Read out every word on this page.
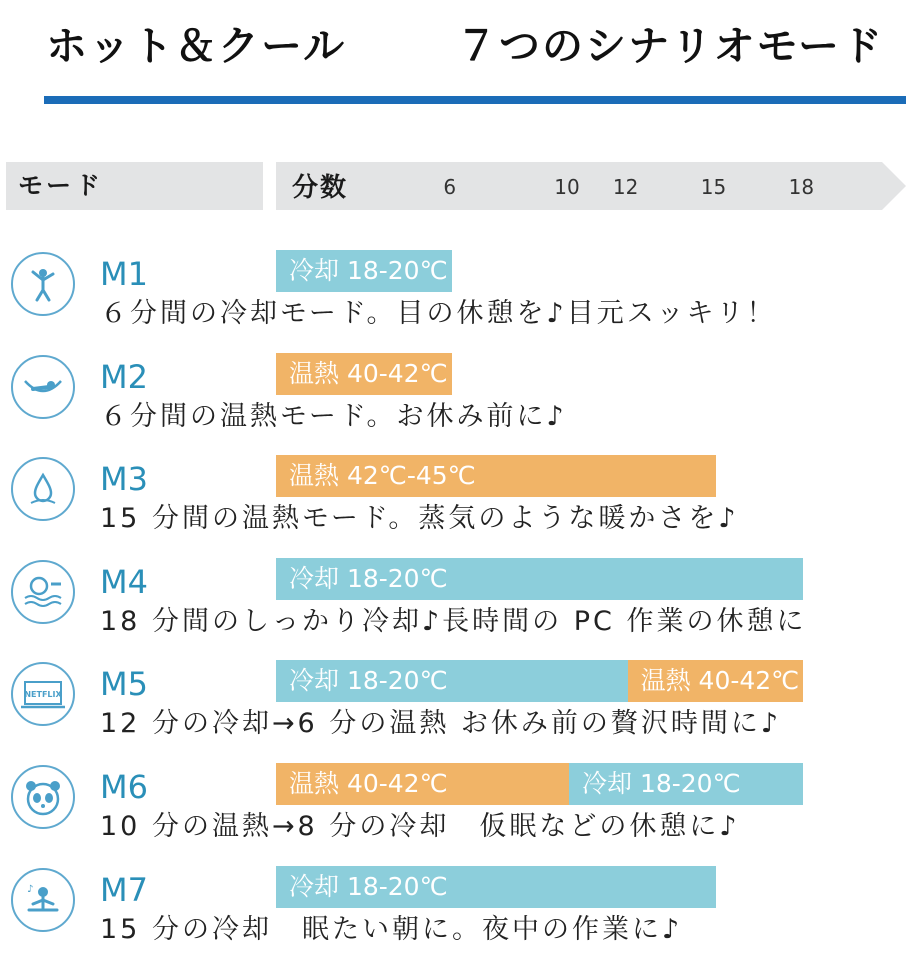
ホット＆クール	７つのシナリオモード
モード	分数	6	10 12	15	18
M1	冷却 18-20℃
６分間の冷却モード。目の休憩を♪目元スッキリ！
M2	温熱 40-42℃
６分間の温熱モード。お休み前に♪
M3	温熱 42℃-45℃
15 分間の温熱モード。蒸気のような暖かさを♪
M4	冷却 18-20℃
18 分間のしっかり冷却♪長時間の PC 作業の休憩に
NETFLIX M5	冷却 18-20℃	温熱 40-42℃
12 分の冷却→6 分の温熱 お休み前の贅沢時間に♪
M6	温熱 40-42℃	冷却 18-20℃
10 分の温熱→8 分の冷却　仮眠などの休憩に♪
♪ M7	冷却 18-20℃
15 分の冷却　眠たい朝に。夜中の作業に♪
